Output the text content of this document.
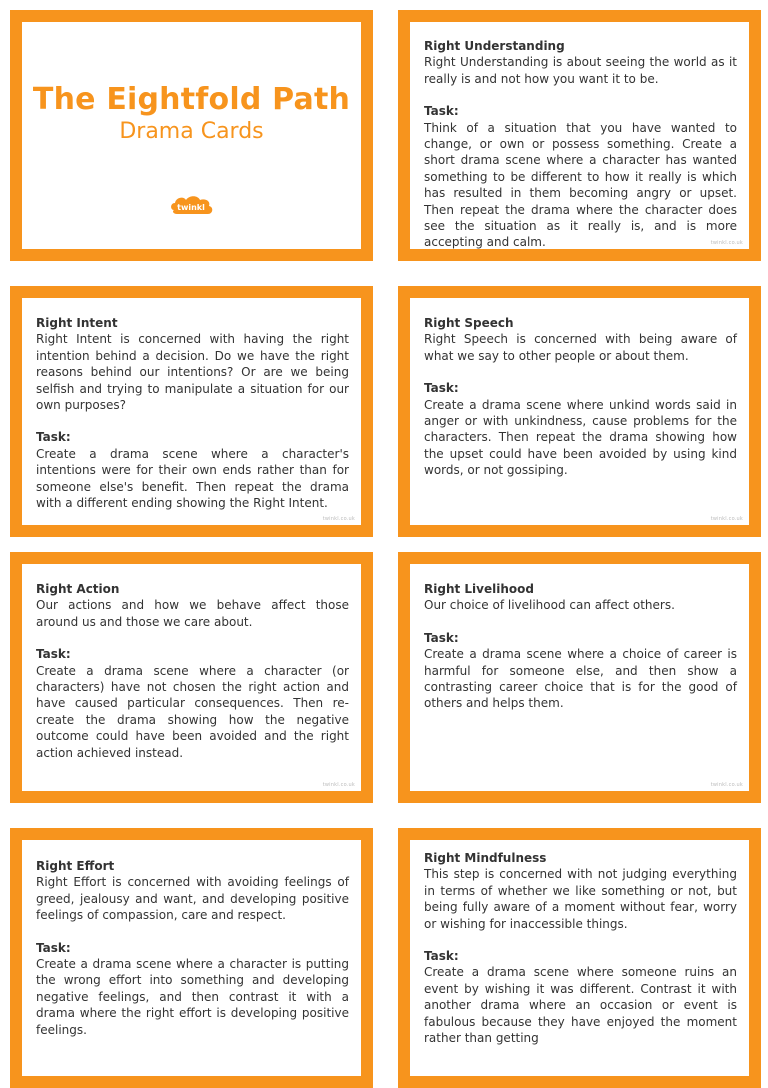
The Eightfold Path
Drama Cards
twinkl
Right Understanding
Right Understanding is about seeing the world as it really is and not how you want it to be.
Task:
Think of a situation that you have wanted to change, or own or possess something. Create a short drama scene where a character has wanted something to be different to how it really is which has resulted in them becoming angry or upset. Then repeat the drama where the character does see the situation as it really is, and is more accepting and calm.	twinkl.co.uk
Right Intent
Right Intent is concerned with having the right intention behind a decision. Do we have the right reasons behind our intentions? Or are we being selfish and trying to manipulate a situation for our own purposes?
Task:
Create a drama scene where a character's intentions were for their own ends rather than for someone else's benefit. Then repeat the drama with a different ending showing the Right Intent.
twinkl.co.uk
Right Speech
Right Speech is concerned with being aware of what we say to other people or about them.
Task:
Create a drama scene where unkind words said in anger or with unkindness, cause problems for the characters. Then repeat the drama showing how the upset could have been avoided by using kind words, or not gossiping.
twinkl.co.uk
Right Action
Our actions and how we behave affect those around us and those we care about.
Task:
Create a drama scene where a character (or characters) have not chosen the right action and have caused particular consequences. Then re-create the drama showing how the negative outcome could have been avoided and the right action achieved instead.
twinkl.co.uk
Right Livelihood
Our choice of livelihood can affect others.
Task:
Create a drama scene where a choice of career is harmful for someone else, and then show a contrasting career choice that is for the good of others and helps them.
twinkl.co.uk
Right Effort
Right Effort is concerned with avoiding feelings of greed, jealousy and want, and developing positive feelings of compassion, care and respect.
Task:
Create a drama scene where a character is putting the wrong effort into something and developing negative feelings, and then contrast it with a drama where the right effort is developing positive feelings.
Right Mindfulness
This step is concerned with not judging everything in terms of whether we like something or not, but being fully aware of a moment without fear, worry or wishing for inaccessible things.
Task:
Create a drama scene where someone ruins an event by wishing it was different. Contrast it with another drama where an occasion or event is fabulous because they have enjoyed the moment rather than getting
